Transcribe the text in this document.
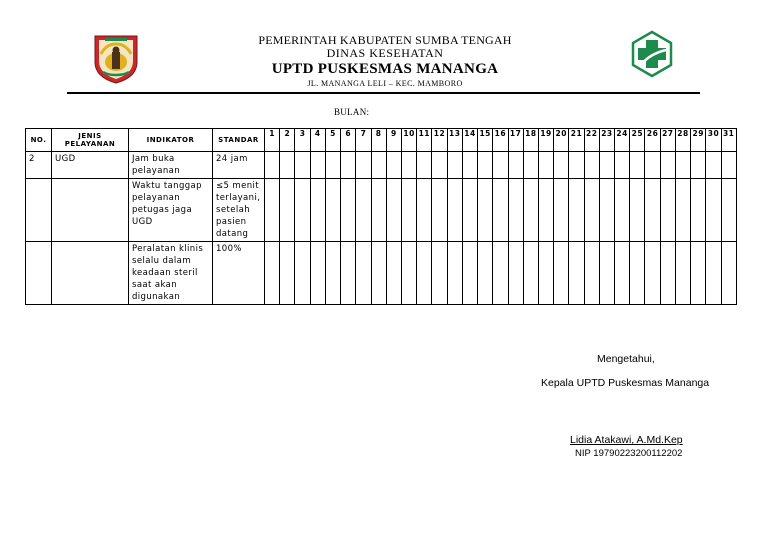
PEMERINTAH KABUPATEN SUMBA TENGAH
DINAS KESEHATAN
UPTD PUSKESMAS MANANGA
JL. MANANGA LELI – KEC. MAMBORO
BULAN:
NO.	JENIS PELAYANAN	INDIKATOR	STANDAR	1	2	3	4	5	6	7	8	9	10	11	12	13	14	15	16	17	18	19	20	21	22	23	24	25	26	27	28	29	30	31
2	UGD	Jam buka pelayanan	24 jam																															
		Waktu tanggap pelayanan petugas jaga UGD	≤5 menit terlayani, setelah pasien datang																															
		Peralatan klinis selalu dalam keadaan steril saat akan digunakan	100%																															
Mengetahui,
Kepala UPTD Puskesmas Mananga
Lidia Atakawi, A.Md.Kep
NIP 19790223200112202
